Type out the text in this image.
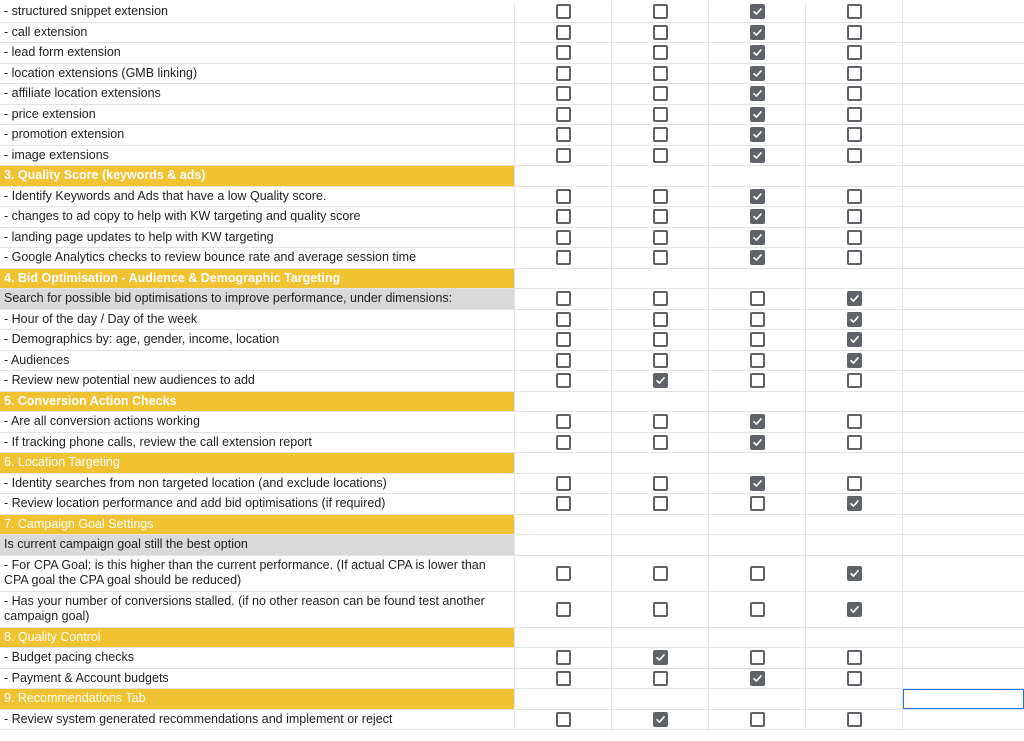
- structured snippet extension
- call extension
- lead form extension
- location extensions (GMB linking)
- affiliate location extensions
- price extension
- promotion extension
- image extensions
3. Quality Score (keywords & ads)
- Identify Keywords and Ads that have a low Quality score.
- changes to ad copy to help with KW targeting and quality score
- landing page updates to help with KW targeting
- Google Analytics checks to review bounce rate and average session time
4. Bid Optimisation - Audience & Demographic Targeting
Search for possible bid optimisations to improve performance, under dimensions:
- Hour of the day / Day of the week
- Demographics by: age, gender, income, location
- Audiences
- Review new potential new audiences to add
5. Conversion Action Checks
- Are all conversion actions working
- If tracking phone calls, review the call extension report
6. Location Targeting
- Identity searches from non targeted location (and exclude locations)
- Review location performance and add bid optimisations (if required)
7. Campaign Goal Settings
Is current campaign goal still the best option
- For CPA Goal: is this higher than the current performance. (If actual CPA is lower than CPA goal the CPA goal should be reduced)
- Has your number of conversions stalled. (if no other reason can be found test another campaign goal)
8. Quality Control
- Budget pacing checks
- Payment & Account budgets
9. Recommendations Tab
- Review system generated recommendations and implement or reject
